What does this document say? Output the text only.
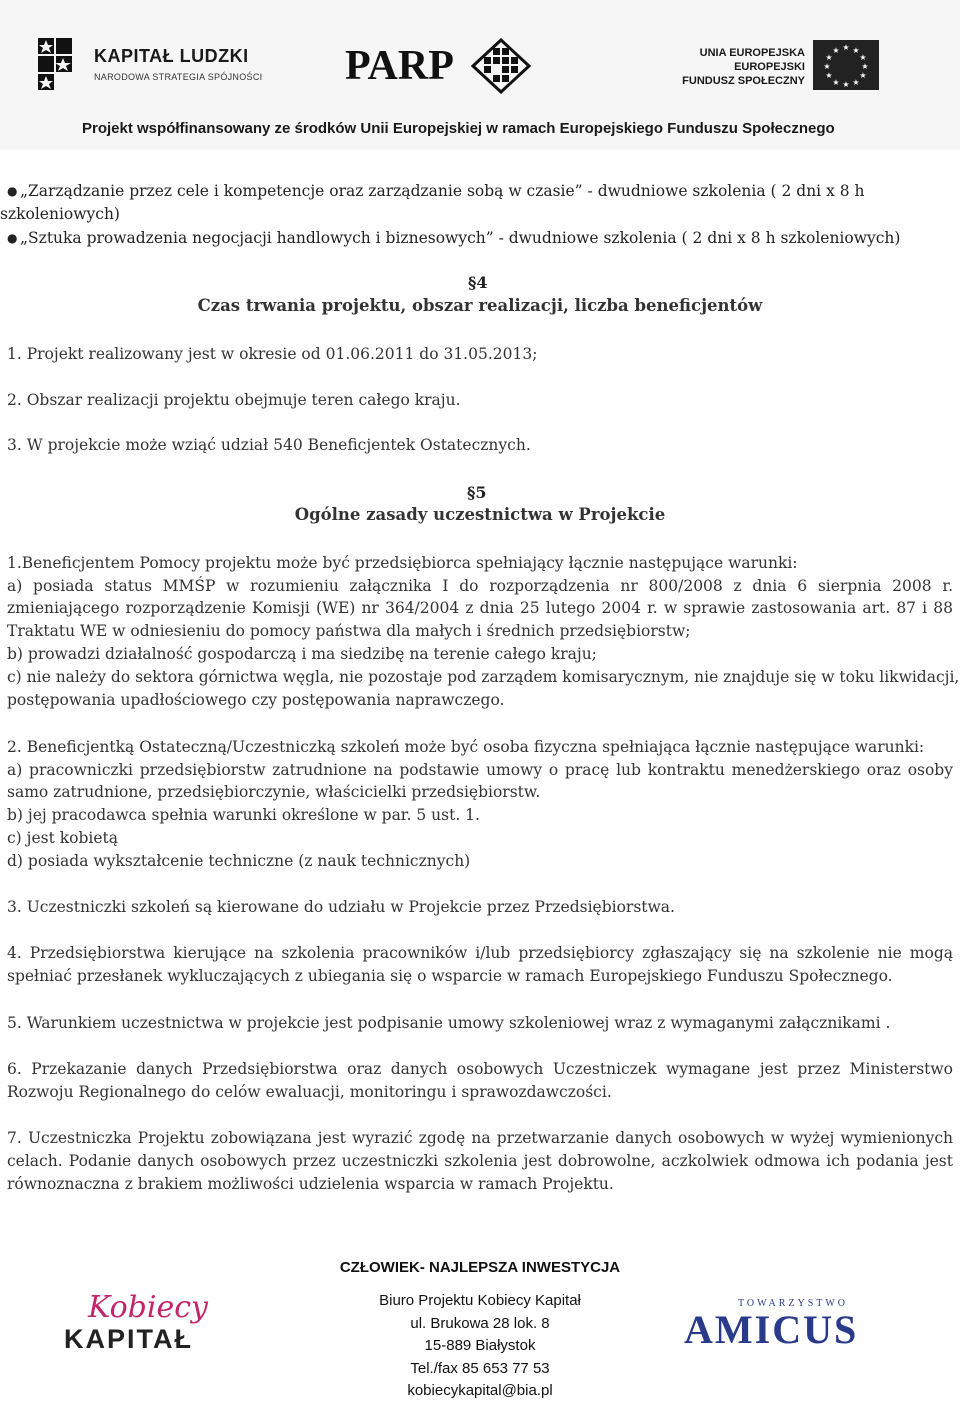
KAPITAŁ LUDZKI
NARODOWA STRATEGIA SPÓJNOŚCI PARP	UNIA EUROPEJSKA
EUROPEJSKI
FUNDUSZ SPOŁECZNY
★ ★
★
★
★
★
★
★
★
★
★
★
Projekt współfinansowany ze środków Unii Europejskiej w ramach Europejskiego Funduszu Społecznego
● „Zarządzanie przez cele i kompetencje oraz zarządzanie sobą w czasie” - dwudniowe szkolenia ( 2 dni x 8 h
szkoleniowych)
● „Sztuka prowadzenia negocjacji handlowych i biznesowych” - dwudniowe szkolenia ( 2 dni x 8 h szkoleniowych)
§4
Czas trwania projektu, obszar realizacji, liczba beneficjentów
1. Projekt realizowany jest w okresie od 01.06.2011 do 31.05.2013;
2. Obszar realizacji projektu obejmuje teren całego kraju.
3. W projekcie może wziąć udział 540 Beneficjentek Ostatecznych.
§5
Ogólne zasady uczestnictwa w Projekcie
1.Beneficjentem Pomocy projektu może być przedsiębiorca spełniający łącznie następujące warunki:
a) posiada status MMŚP w rozumieniu załącznika I do rozporządzenia nr 800/2008 z dnia 6 sierpnia 2008 r.
zmieniającego rozporządzenie Komisji (WE) nr 364/2004 z dnia 25 lutego 2004 r. w sprawie zastosowania art. 87 i 88
Traktatu WE w odniesieniu do pomocy państwa dla małych i średnich przedsiębiorstw;
b) prowadzi działalność gospodarczą i ma siedzibę na terenie całego kraju;
c) nie należy do sektora górnictwa węgla, nie pozostaje pod zarządem komisarycznym, nie znajduje się w toku likwidacji,
postępowania upadłościowego czy postępowania naprawczego.
2. Beneficjentką Ostateczną/Uczestniczką szkoleń może być osoba fizyczna spełniająca łącznie następujące warunki:
a) pracowniczki przedsiębiorstw zatrudnione na podstawie umowy o pracę lub kontraktu menedżerskiego oraz osoby
samo zatrudnione, przedsiębiorczynie, właścicielki przedsiębiorstw.
b) jej pracodawca spełnia warunki określone w par. 5 ust. 1.
c) jest kobietą
d) posiada wykształcenie techniczne (z nauk technicznych)
3. Uczestniczki szkoleń są kierowane do udziału w Projekcie przez Przedsiębiorstwa.
4. Przedsiębiorstwa kierujące na szkolenia pracowników i/lub przedsiębiorcy zgłaszający się na szkolenie nie mogą
spełniać przesłanek wykluczających z ubiegania się o wsparcie w ramach Europejskiego Funduszu Społecznego.
5. Warunkiem uczestnictwa w projekcie jest podpisanie umowy szkoleniowej wraz z wymaganymi załącznikami .
6. Przekazanie danych Przedsiębiorstwa oraz danych osobowych Uczestniczek wymagane jest przez Ministerstwo
Rozwoju Regionalnego do celów ewaluacji, monitoringu i sprawozdawczości.
7. Uczestniczka Projektu zobowiązana jest wyrazić zgodę na przetwarzanie danych osobowych w wyżej wymienionych
celach. Podanie danych osobowych przez uczestniczki szkolenia jest dobrowolne, aczkolwiek odmowa ich podania jest
równoznaczna z brakiem możliwości udzielenia wsparcia w ramach Projektu.
CZŁOWIEK- NAJLEPSZA INWESTYCJA
Biuro Projektu Kobiecy Kapitał
ul. Brukowa 28 lok. 8
15-889 Białystok
Tel./fax 85 653 77 53
kobiecykapital@bia.pl
Kobiecy
KAPITAŁ
TOWARZYSTWO
AMICUS
